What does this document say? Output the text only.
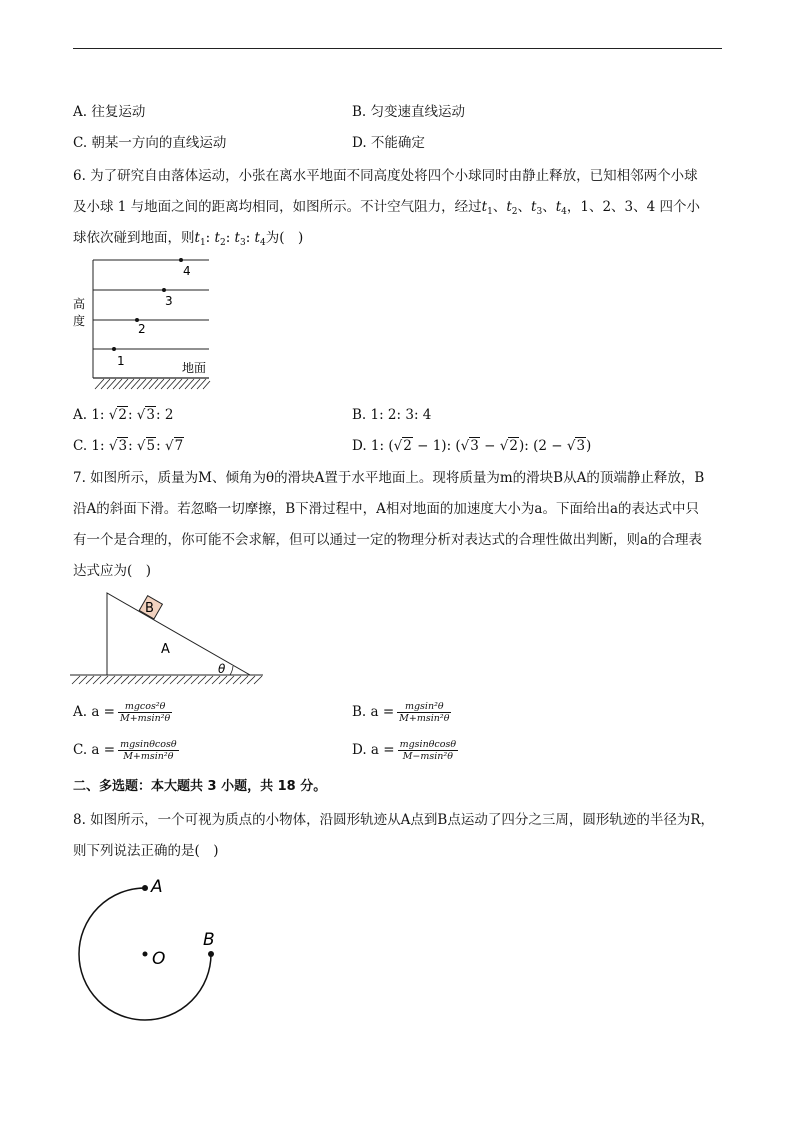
A. 往复运动	B. 匀变速直线运动
C. 朝某一方向的直线运动	D. 不能确定
6. 为了研究自由落体运动，小张在离水平地面不同高度处将四个小球同时由静止释放，已知相邻两个小球
及小球 1 与地面之间的距离均相同，如图所示。不计空气阻力，经过$t_1$、$t_2$、$t_3$、$t_4$，1、2、3、4 四个小
球依次碰到地面，则$t_1$: $t_2$: $t_3$: $t_4$为(　)
4
3
2
1
高
度
地面
A. 1: √2: √3: 2	B. 1: 2: 3: 4
C. 1: √3: √5: √7	D. 1: (√2 − 1): (√3 − √2): (2 − √3)
7. 如图所示，质量为M、倾角为θ的滑块A置于水平地面上。现将质量为m的滑块B从A的顶端静止释放，B
沿A的斜面下滑。若忽略一切摩擦，B下滑过程中，A相对地面的加速度大小为a。下面给出a的表达式中只
有一个是合理的，你可能不会求解，但可以通过一定的物理分析对表达式的合理性做出判断，则a的合理表
达式应为(　)
B
A
θ
A. $a = \frac{\text{mgcos²θ}}{\text{M+msin²θ}}$	B. $a = \frac{\text{mgsin²θ}}{\text{M+msin²θ}}$
C. $a = \frac{mgsin\theta\cos\theta}{\text{M+msin²θ}}$	D. $a = \frac{mgsin\theta\cos\theta}{\text{M−msin²θ}}$
二、多选题：本大题共 3 小题，共 18 分。
8. 如图所示，一个可视为质点的小物体，沿圆形轨迹从A点到B点运动了四分之三周，圆形轨迹的半径为R，
则下列说法正确的是(　)
A
B
O
